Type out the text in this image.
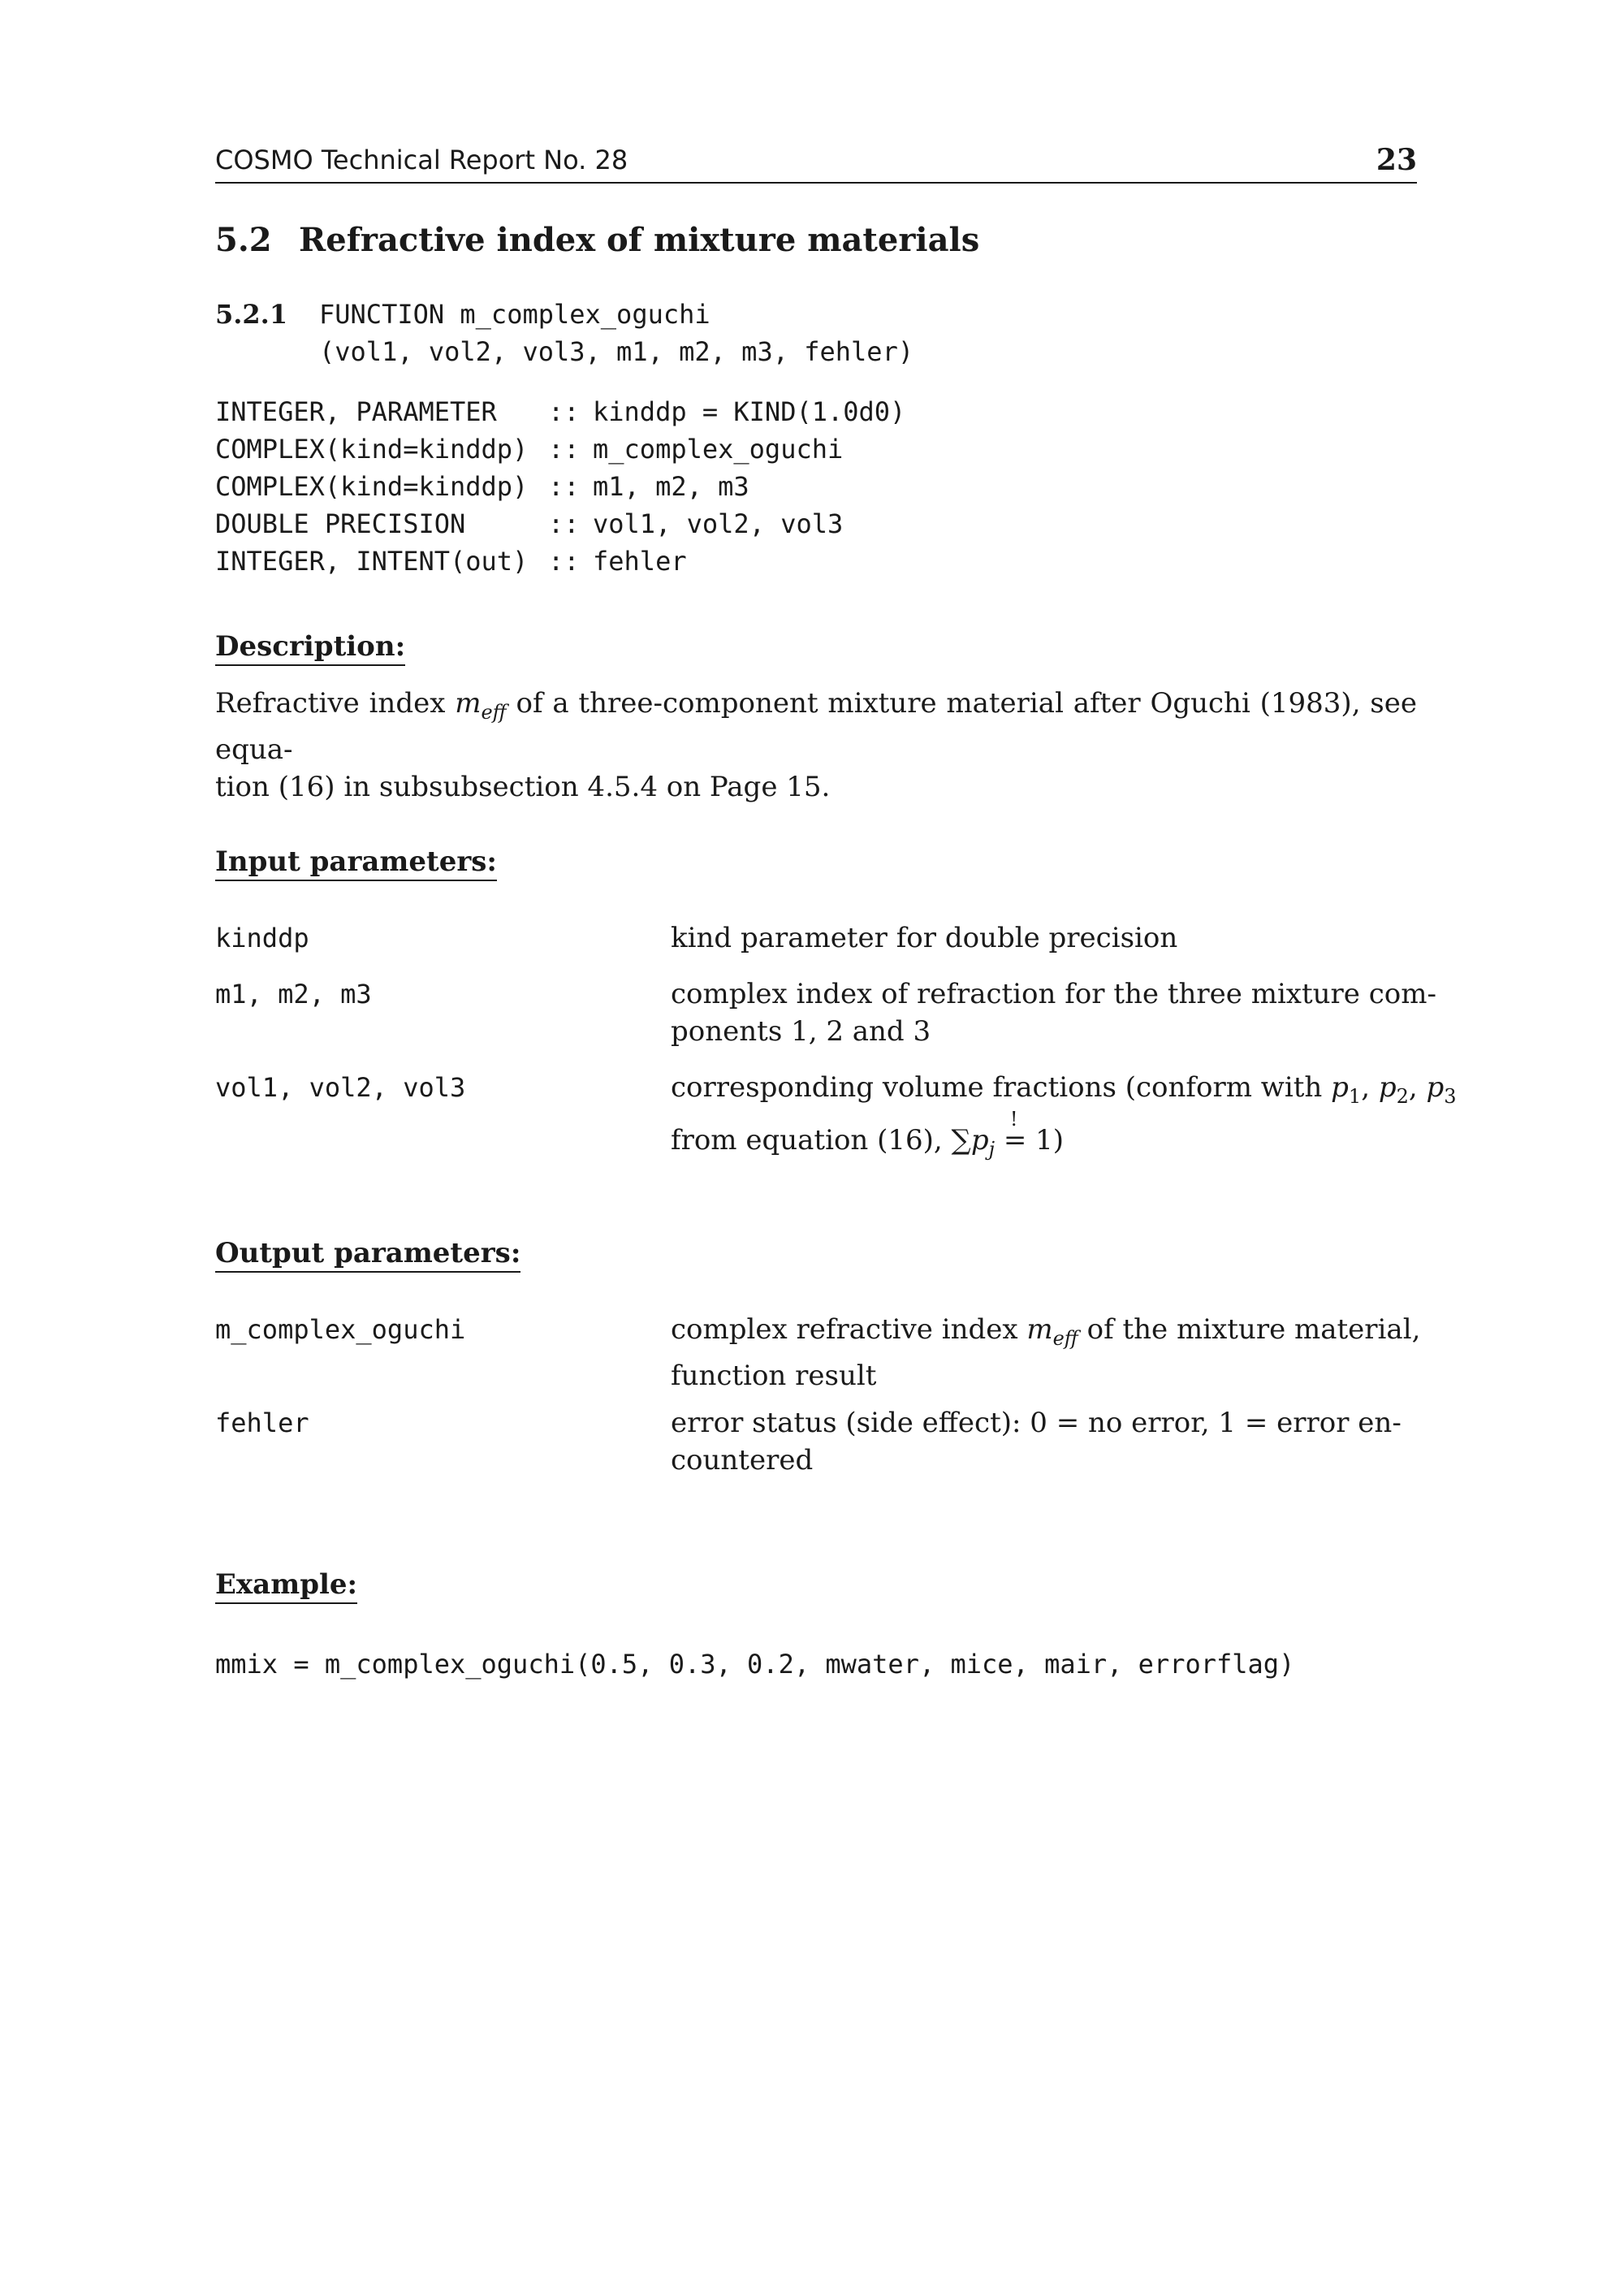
COSMO Technical Report No. 28	23
5.2 Refractive index of mixture materials
5.2.1 FUNCTION m_complex_oguchi
(vol1, vol2, vol3, m1, m2, m3, fehler)
INTEGER, PARAMETER :: kinddp = KIND(1.0d0)
COMPLEX(kind=kinddp) :: m_complex_oguchi
COMPLEX(kind=kinddp) :: m1, m2, m3
DOUBLE PRECISION	:: vol1, vol2, vol3
INTEGER, INTENT(out) :: fehler
Description:
Refractive index $m_{eff}$ of a three-component mixture material after Oguchi (1983), see equa-
tion (16) in subsubsection 4.5.4 on Page 15.
Input parameters:
kinddp	kind parameter for double precision
m1, m2, m3	complex index of refraction for the three mixture com-
ponents 1, 2 and 3
vol1, vol2, vol3	corresponding volume fractions (conform with $p_1$, $p_2$, $p_3$
from equation (16), $\sum p_j$
!
= 1)
Output parameters:
m_complex_oguchi	complex refractive index $m_{eff}$ of the mixture material,
function result
fehler	error status (side effect): 0 = no error, 1 = error en-
countered
Example:
mmix = m_complex_oguchi(0.5, 0.3, 0.2, mwater, mice, mair, errorflag)
